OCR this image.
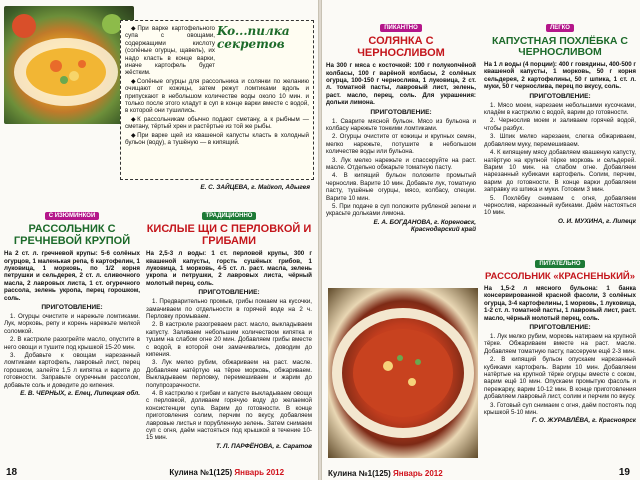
Ko...пилка секретов

◆При варке картофельного супа с овощами, содержащими кислоту (солёные огурцы, щавель), их надо класть в конце варки, иначе картофель будет жёстким.

◆Солёные огурцы для рассольника и солянки по желанию очищают от кожицы, затем режут ломтиками вдоль и припускают в небольшом количестве воды около 10 мин. и только после этого кладут в суп в конце варки вместе с водой, в которой они тушились.

◆К рассольникам обычно подают сметану, а к рыбным — сметану, тёртый хрен и растёртые из той же рыбы.

◆При варке щей из квашеной капусты класть в холодный бульон (воду), а тушёную — в кипящий.

Е. С. ЗАЙЦЕВА, г. Майкоп, Адыгея
С ИЗЮМИНКОЙ
РАССОЛЬНИК С ГРЕЧНЕВОЙ КРУПОЙ
На 2 ст. л. гречневой крупы: 5-6 солёных огурцов, 1 маленькая репа, 6 картофелин, 1 луковица, 1 морковь, по 1/2 корня петрушки и сельдерея, 2 ст. л. сливочного масла, 2 лавровых листа, 1 ст. огуречного рассола, зелень укропа, перец горошком, соль.
ПРИГОТОВЛЕНИЕ:

1. Огурцы очистите и нарежьте ломтиками. Лук, морковь, репу и корень нарежьте мелкой соломкой.

2. В кастрюле разогрейте масло, опустите в него овощи и тушите под крышкой 15-20 мин.

3. Добавьте к овощам нарезанный ломтиками картофель, лавровый лист, перец горошком, залейте 1,5 л кипятка и варите до готовности. Заправьте огуречным рассолом, добавьте соль и доведите до кипения.

Е. В. ЧЕРНЫХ, г. Елец, Липецкая обл.
ТРАДИЦИОННО
КИСЛЫЕ ЩИ С ПЕРЛОВКОЙ И ГРИБАМИ
На 2,5-3 л воды: 1 ст. перловой крупы, 300 г квашеной капусты, горсть сушёных грибов, 1 луковица, 1 морковь, 4-5 ст. л. раст. масла, зелень укропа и петрушки, 2 лавровых листа, чёрный молотый перец, соль.
ПРИГОТОВЛЕНИЕ:

1. Предварительно промыв, грибы помаем на кусочки, замачиваем по отдельности в горячей воде на 2 ч. Перловку промываем.

2. В кастрюле разогреваем раст. масло, выкладываем капусту. Заливаем небольшим количеством кипятка и тушим на слабом огне 20 мин. Добавляем грибы вместе с водой, в которой они замачивались, доводим до кипения.

3. Лук мелко рубим, обжариваем на раст. масле. Добавляем натёртую на тёрке морковь, обжариваем. Выкладываем перловку, перемешиваем и жарим до полупрозрачности.

4. В кастрюлю к грибам и капусте выкладываем овощи с перловкой, доливаем горячую воду до желаемой консистенции супа. Варим до готовности. В конце приготовления солим, перчим по вкусу, добавляем лавровые листья и порубленную зелень. Затем снимаем суп с огня, даём настояться под крышкой в течение 10-15 мин.

Т. Л. ПАРФЁНОВА, г. Саратов
18	Кулина №1(125) Январь 2012
ПИКАНТНО
СОЛЯНКА С ЧЕРНОСЛИВОМ
На 300 г мяса с косточкой: 100 г полукопчёной колбасы, 100 г варёной колбасы, 2 солёных огурца, 100-150 г чернослива, 1 луковица, 2 ст. л. томатной пасты, лавровый лист, зелень, раст. масло, перец, соль. Для украшения: дольки лимона.
ПРИГОТОВЛЕНИЕ:

1. Сварите мясной бульон. Мясо из бульона и колбасу нарежьте тонкими ломтиками.

2. Огурцы очистите от кожицы и крупных семян, мелко нарежьте, потушите в небольшом количестве воды или бульона.

3. Лук мелко нарежьте и спассеруйте на раст. масле. Отдельно обжарьте томатную пасту.

4. В кипящий бульон положите промытый чернослив. Варите 10 мин. Добавьте лук, томатную пасту, тушёные огурцы, мясо, колбасу, специи. Варите 10 мин.

5. При подаче в суп положите рубленой зелени и украсьте дольками лимона.

Е. А. БОГДАНОВА, г. Кореновск, Краснодарский край
ЛЕГКО
КАПУСТНАЯ ПОХЛЁБКА С ЧЕРНОСЛИВОМ
На 1 л воды (4 порции): 400 г говядины, 400-500 г квашеной капусты, 1 морковь, 50 г корня сельдерея, 2 картофелины, 50 г шпика, 1 ст. л. муки, 50 г чернослива, перец по вкусу, соль.
ПРИГОТОВЛЕНИЕ:

1. Мясо моем, нарезаем небольшими кусочками, кладём в кастрюлю с водой, варим до готовности.

2. Чернослив моем и заливаем горячей водой, чтобы разбух.

3. Шпик мелко нарезаем, слегка обжариваем, добавляем муку, перемешиваем.

4. К кипящему мясу добавляем квашеную капусту, натёртую на крупной тёрке морковь и сельдерей. Варим 10 мин. на слабом огне. Добавляем нарезанный кубиками картофель. Солим, перчим, варим до готовности. В конце варки добавляем заправку из шпика и муки. Готовим 3 мин.

5. Похлёбку снимаем с огня, добавляем чернослив, нарезанный кубиками. Даём настояться 10 мин.

О. И. МУХИНА, г. Липецк
ПИТАТЕЛЬНО
РАССОЛЬНИК «КРАСНЕНЬКИЙ»
На 1,5-2 л мясного бульона: 1 банка консервированной красной фасоли, 3 солёных огурца, 3-4 картофелины, 1 морковь, 1 луковица, 1-2 ст. л. томатной пасты, 1 лавровый лист, раст. масло, чёрный молотый перец, соль.
ПРИГОТОВЛЕНИЕ:

1. Лук мелко рубим, морковь натираем на крупной тёрке. Обжариваем вместе на раст. масле. Добавляем томатную пасту, пассеруем ещё 2-3 мин.

2. В кипящий бульон опускаем нарезанный кубиками картофель. Варим 10 мин. Добавляем натёртые на крупной тёрке огурцы вместе с соком, варим ещё 10 мин. Опускаем промытую фасоль и пережарку, варим 10-12 мин. В конце приготовления добавляем лавровый лист, солим и перчим по вкусу.

3. Готовый суп снимаем с огня, даём постоять под крышкой 5-10 мин.

Г. О. ЖУРАВЛЁВА, г. Красноярск
Кулина №1(125) Январь 2012	19
